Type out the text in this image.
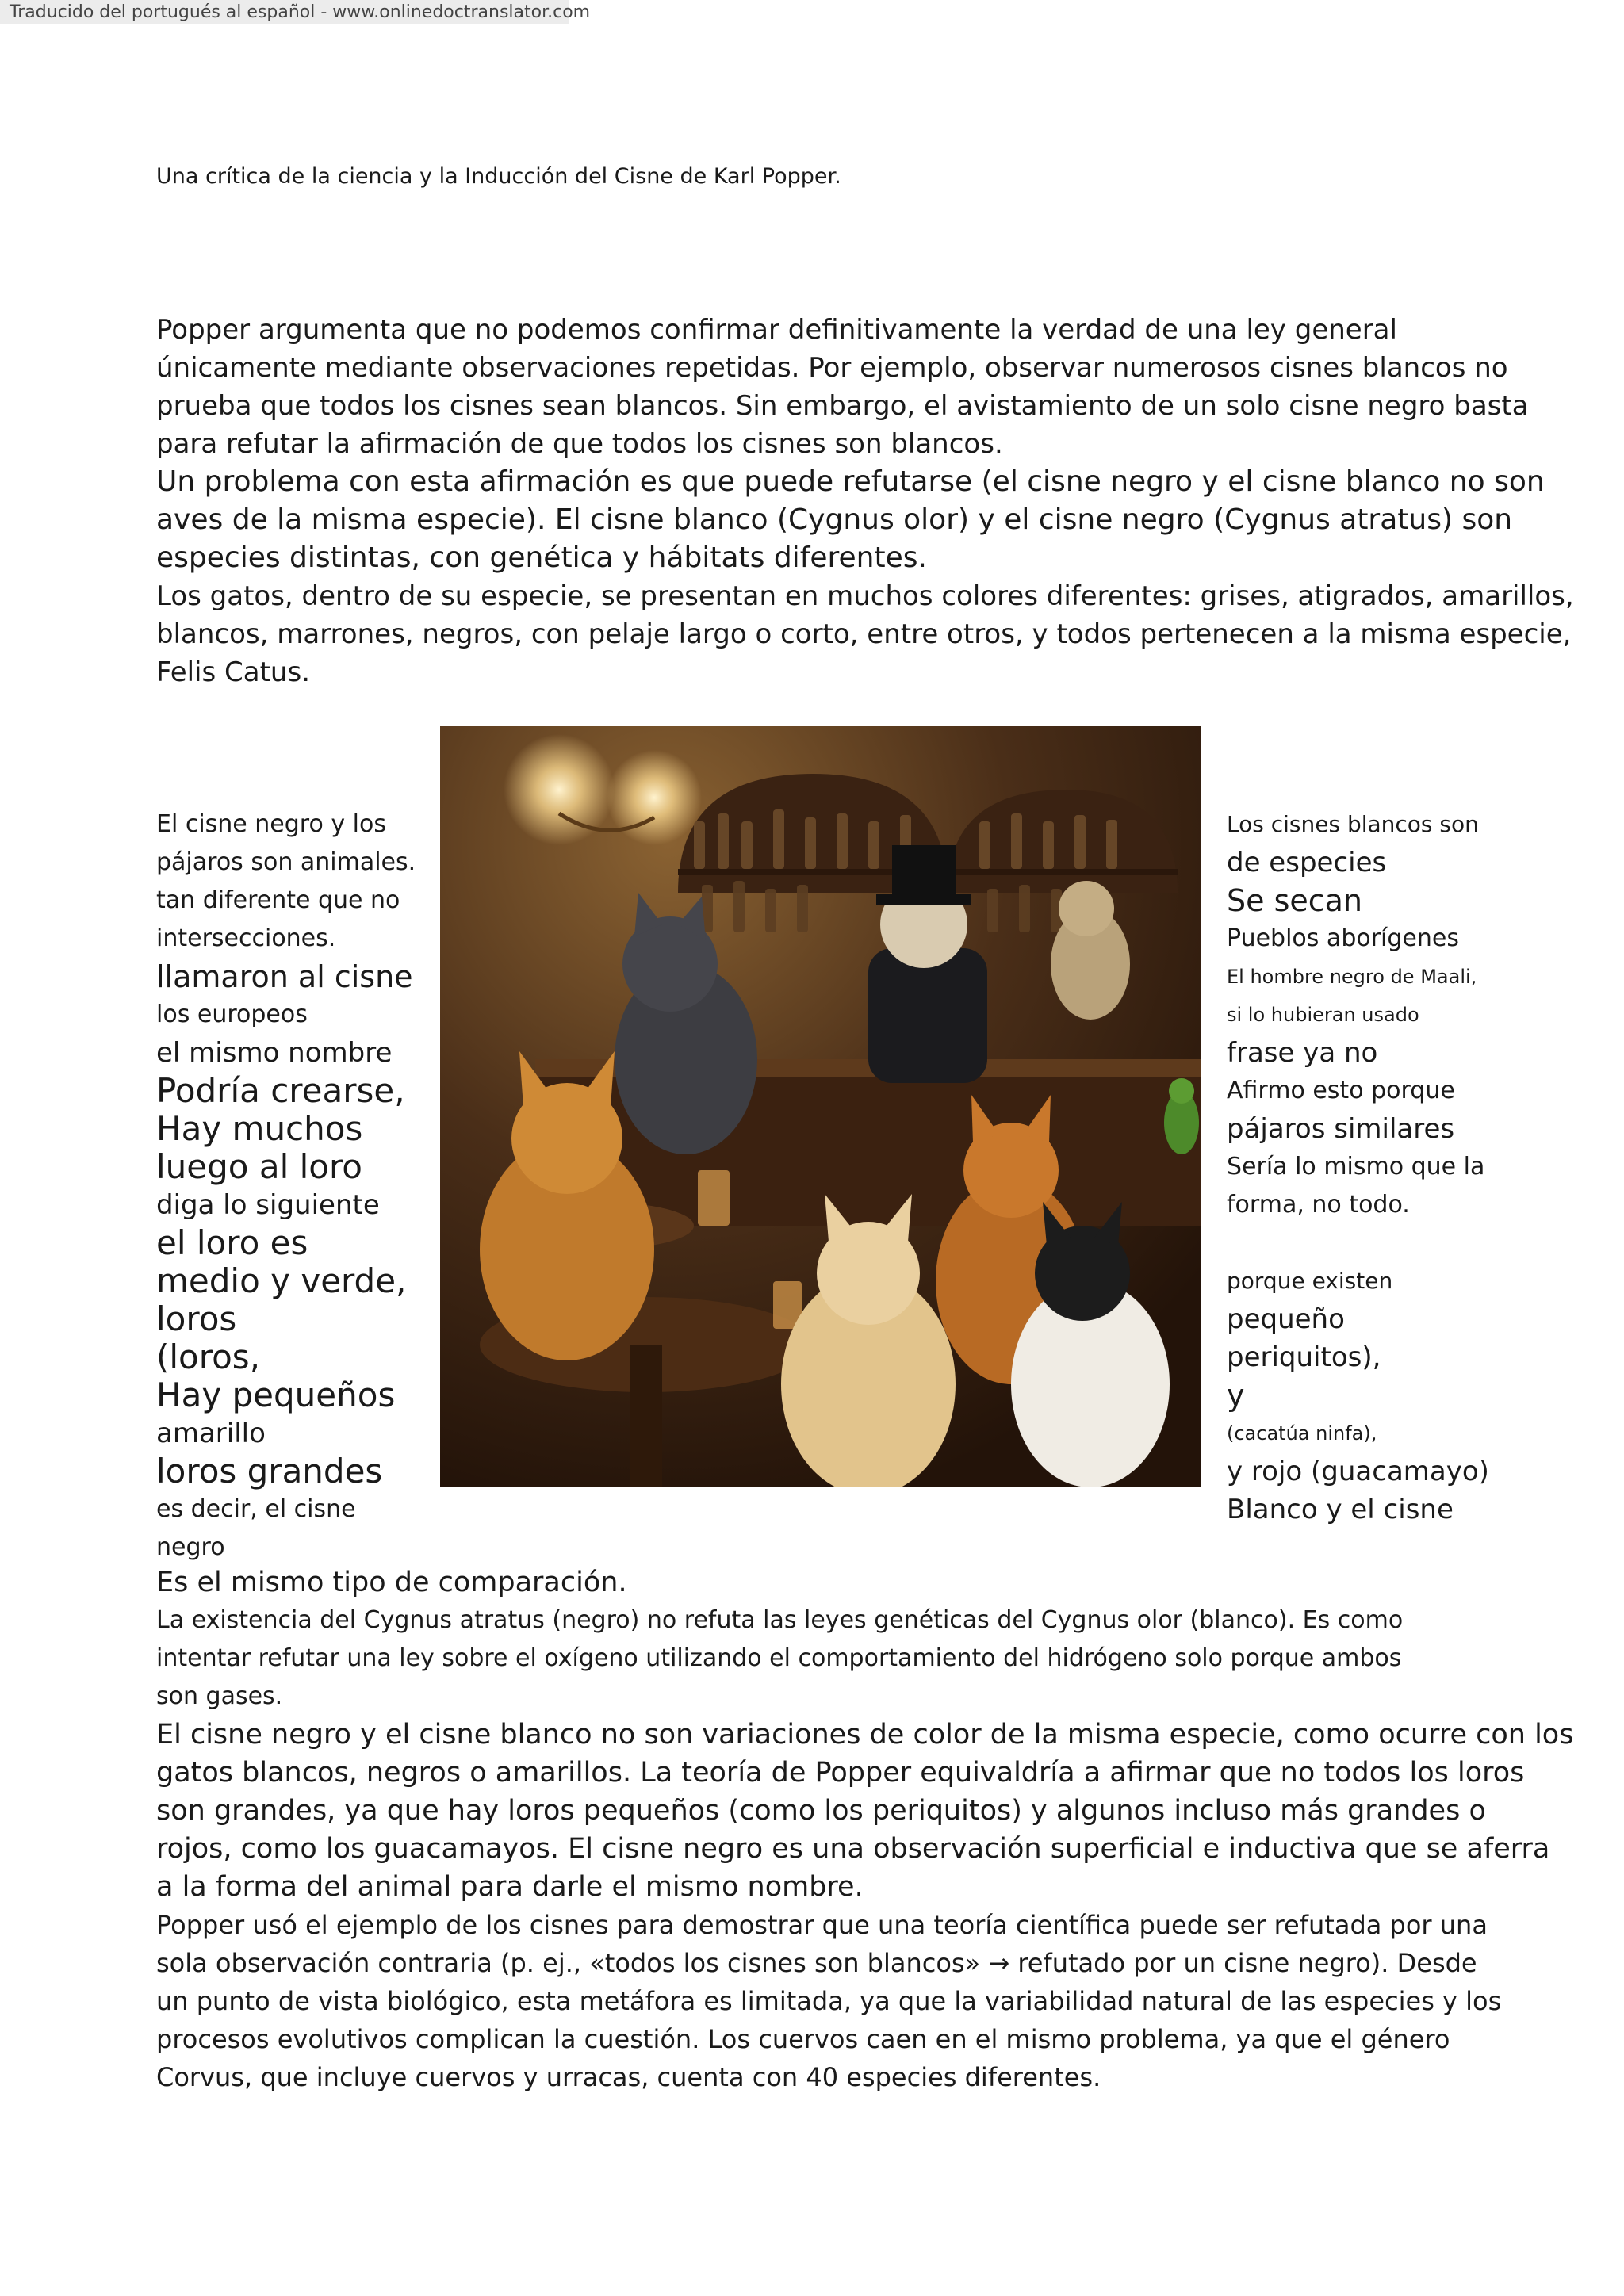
Traducido del portugués al español - www.onlinedoctranslator.com
Una crítica de la ciencia y la Inducción del Cisne de Karl Popper.
Popper argumenta que no podemos confirmar definitivamente la verdad de una ley general
únicamente mediante observaciones repetidas. Por ejemplo, observar numerosos cisnes blancos no
prueba que todos los cisnes sean blancos. Sin embargo, el avistamiento de un solo cisne negro basta
para refutar la afirmación de que todos los cisnes son blancos.
Un problema con esta afirmación es que puede refutarse (el cisne negro y el cisne blanco no son
aves de la misma especie). El cisne blanco (Cygnus olor) y el cisne negro (Cygnus atratus) son
especies distintas, con genética y hábitats diferentes.
Los gatos, dentro de su especie, se presentan en muchos colores diferentes: grises, atigrados, amarillos,
blancos, marrones, negros, con pelaje largo o corto, entre otros, y todos pertenecen a la misma especie,
Felis Catus.
El cisne negro y los
pájaros son animales.
tan diferente que no
intersecciones.
llamaron al cisne
los europeos
el mismo nombre
Podría crearse,
Hay muchos
luego al loro
diga lo siguiente
el loro es
medio y verde,
loros
(loros,
Hay pequeños
amarillo
loros grandes
es decir, el cisne
negro
Los cisnes blancos son
de especies
Se secan
Pueblos aborígenes
El hombre negro de Maali,
si lo hubieran usado
frase ya no
Afirmo esto porque
pájaros similares
Sería lo mismo que la
forma, no todo.
porque existen
pequeño
periquitos),
y
(cacatúa ninfa),
y rojo (guacamayo)
Blanco y el cisne
Es el mismo tipo de comparación.
La existencia del Cygnus atratus (negro) no refuta las leyes genéticas del Cygnus olor (blanco). Es como
intentar refutar una ley sobre el oxígeno utilizando el comportamiento del hidrógeno solo porque ambos
son gases.
El cisne negro y el cisne blanco no son variaciones de color de la misma especie, como ocurre con los
gatos blancos, negros o amarillos. La teoría de Popper equivaldría a afirmar que no todos los loros
son grandes, ya que hay loros pequeños (como los periquitos) y algunos incluso más grandes o
rojos, como los guacamayos. El cisne negro es una observación superficial e inductiva que se aferra
a la forma del animal para darle el mismo nombre.
Popper usó el ejemplo de los cisnes para demostrar que una teoría científica puede ser refutada por una
sola observación contraria (p. ej., «todos los cisnes son blancos» → refutado por un cisne negro). Desde
un punto de vista biológico, esta metáfora es limitada, ya que la variabilidad natural de las especies y los
procesos evolutivos complican la cuestión. Los cuervos caen en el mismo problema, ya que el género
Corvus, que incluye cuervos y urracas, cuenta con 40 especies diferentes.
